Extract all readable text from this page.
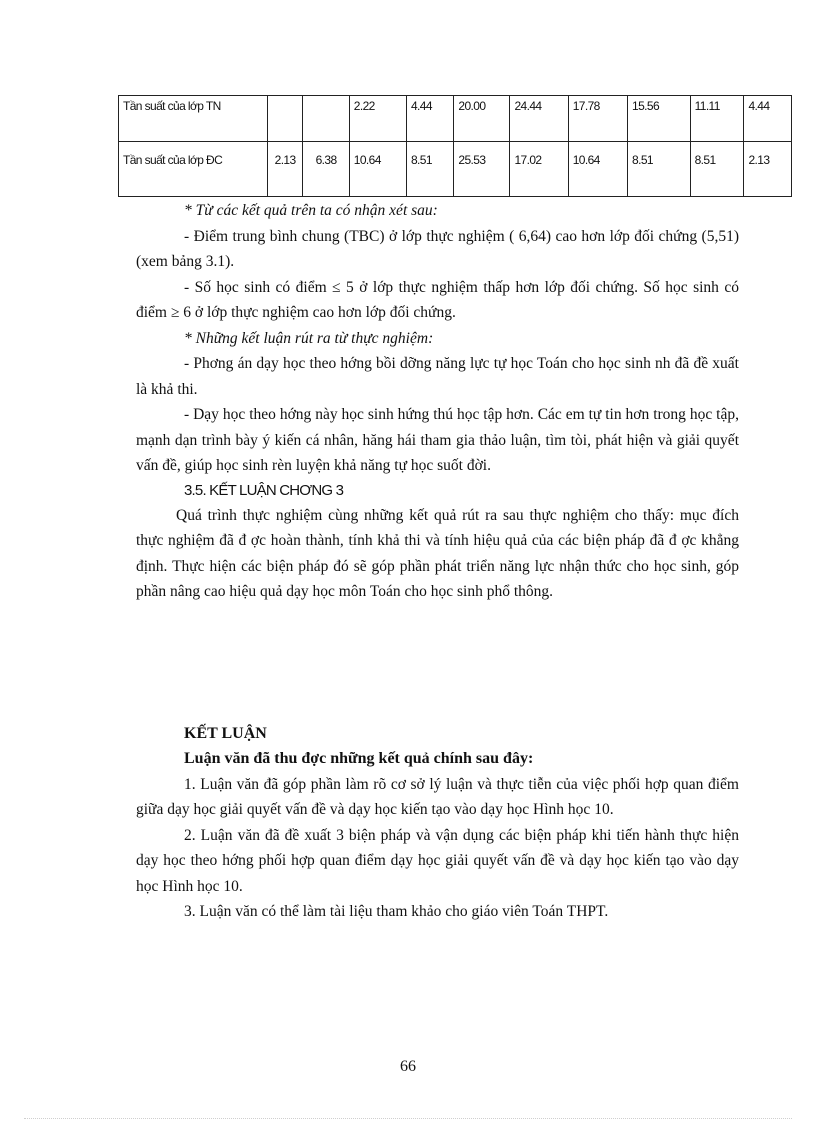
Tần suất của lớp TN			2.22	4.44	20.00	24.44	17.78	15.56	11.11	4.44
Tần suất của lớp ĐC	2.13	6.38	10.64	8.51	25.53	17.02	10.64	8.51	8.51	2.13

* Từ các kết quả trên ta có nhận xét sau:

- Điểm trung bình chung (TBC) ở lớp thực nghiệm ( 6,64) cao hơn lớp đối chứng (5,51) (xem bảng 3.1).

- Số học sinh có điểm ≤ 5 ở lớp thực nghiệm thấp hơn lớp đối chứng. Số học sinh có điểm ≥ 6 ở lớp thực nghiệm cao hơn lớp đối chứng.

* Những kết luận rút ra từ thực nghiệm:

- Phơng án dạy học theo hớng bồi dỡng năng lực tự học Toán cho học sinh nh đã đề xuất là khả thi.

- Dạy học theo hớng này học sinh hứng thú học tập hơn. Các em tự tin hơn trong học tập, mạnh dạn trình bày ý kiến cá nhân, hăng hái tham gia thảo luận, tìm tòi, phát hiện và giải quyết vấn đề, giúp học sinh rèn luyện khả năng tự học suốt đời.

3.5. KẾT LUẬN CHƠNG 3

Quá trình thực nghiệm cùng những kết quả rút ra sau thực nghiệm cho thấy: mục đích thực nghiệm đã đ ợc hoàn thành, tính khả thi và tính hiệu quả của các biện pháp đã đ ợc khẳng định. Thực hiện các biện pháp đó sẽ góp phần phát triển năng lực nhận thức cho học sinh, góp phần nâng cao hiệu quả dạy học môn Toán cho học sinh phổ thông.

KẾT LUẬN

Luận văn đã thu đợc những kết quả chính sau đây:

1. Luận văn đã góp phần làm rõ cơ sở lý luận và thực tiễn của việc phối hợp quan điểm giữa dạy học giải quyết vấn đề và dạy học kiến tạo vào dạy học Hình học 10.

2. Luận văn đã đề xuất 3 biện pháp và vận dụng các biện pháp khi tiến hành thực hiện dạy học theo hớng phối hợp quan điểm dạy học giải quyết vấn đề và dạy học kiến tạo vào dạy học Hình học 10.

3. Luận văn có thể làm tài liệu tham khảo cho giáo viên Toán THPT.

66
